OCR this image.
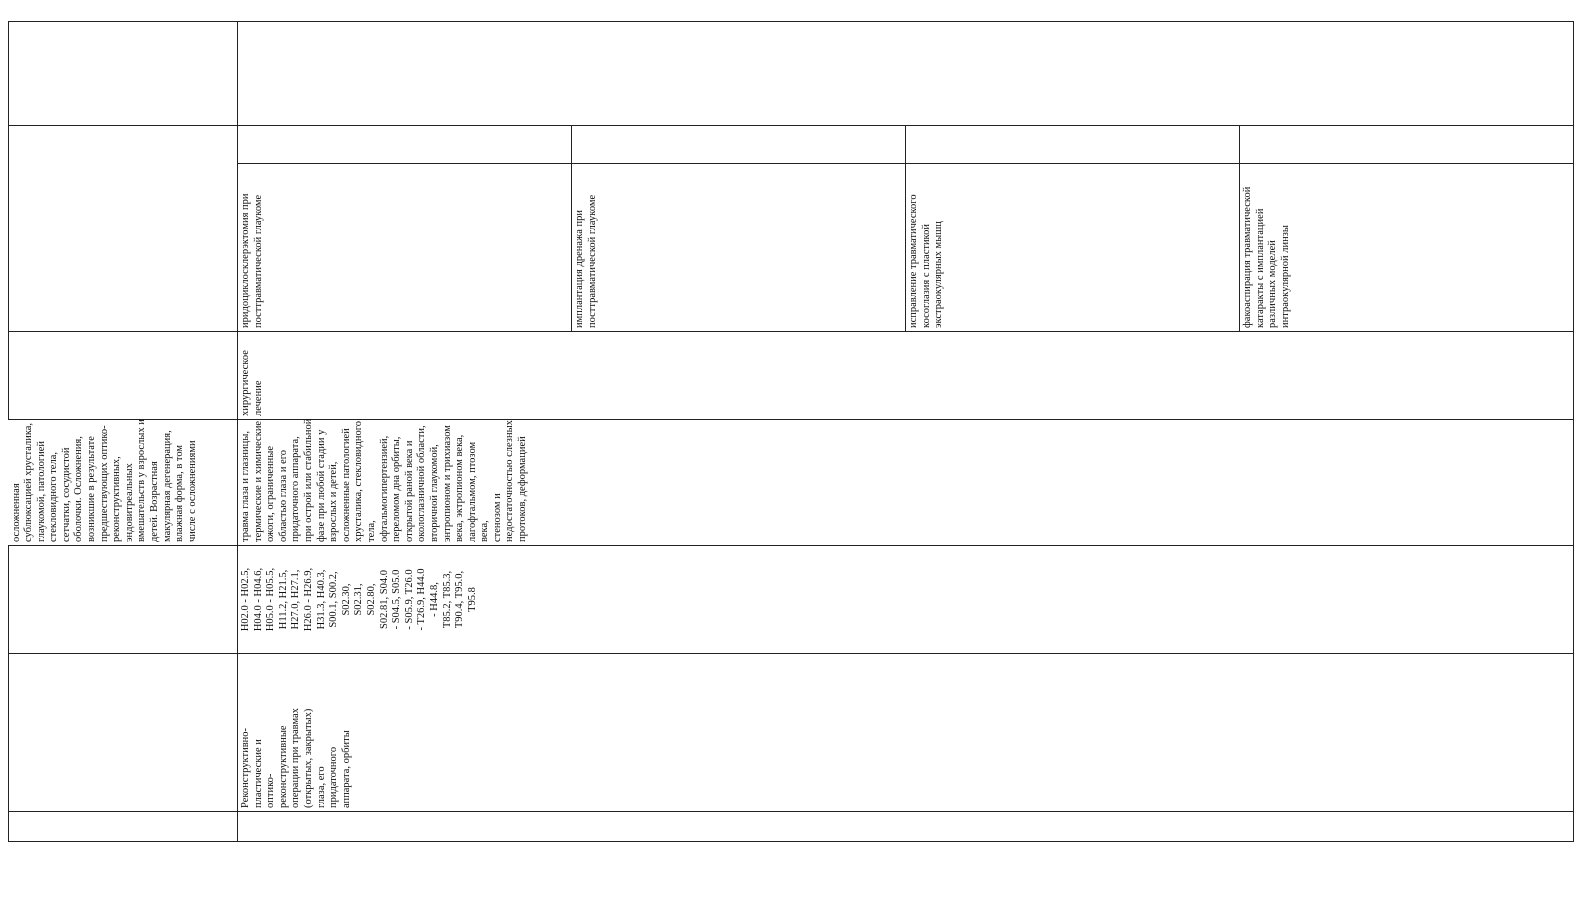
осложненная сублюксацией хрусталика, глаукомой, патологией стекловидного тела, сетчатки, сосудистой оболочки. Осложнения, возникшие в результате предшествующих оптико- реконструктивных, эндовитреальных вмешательств у взрослых и детей. Возрастная макулярная дегенерация, влажная форма, в том числе с осложнениями

Реконструктивно- пластические и оптико- реконструктивные операции при травмах (открытых, закрытых) глаза, его придаточного аппарата, орбиты

H02.0 - H02.5, H04.0 - H04.6, H05.0 - H05.5, H11.2, H21.5, H27.0, H27.1, H26.0 - H26.9, H31.3, H40.3, S00.1, S00.2, S02.30, S02.31, S02.80, S02.81, S04.0 - S04.5, S05.0 - S05.9, T26.0 - T26.9, H44.0 - H44.8, T85.2, T85.3, T90.4, T95.0, T95.8

травма глаза и глазницы, термические и химические ожоги, ограниченные областью глаза и его придаточного аппарата, при острой или стабильной фазе при любой стадии у взрослых и детей, осложненные патологией хрусталика, стекловидного тела, офтальмогипертензией, переломом дна орбиты, открытой раной века и окологлазничной области, вторичной глаукомой, энтропионом и трихиазом века, эктропионом века, лагофтальмом, птозом века, стенозом и недостаточностью слезных протоков, деформацией

хирургическое лечение

иридоциклосклерэктомия при посттравматической глаукоме	имплантация дренажа при посттравматической глаукоме	исправление травматического косоглазия с пластикой экстраокулярных мышц	факоаспирация травматической катаракты с имплантацией различных моделей интраокулярной линзы
